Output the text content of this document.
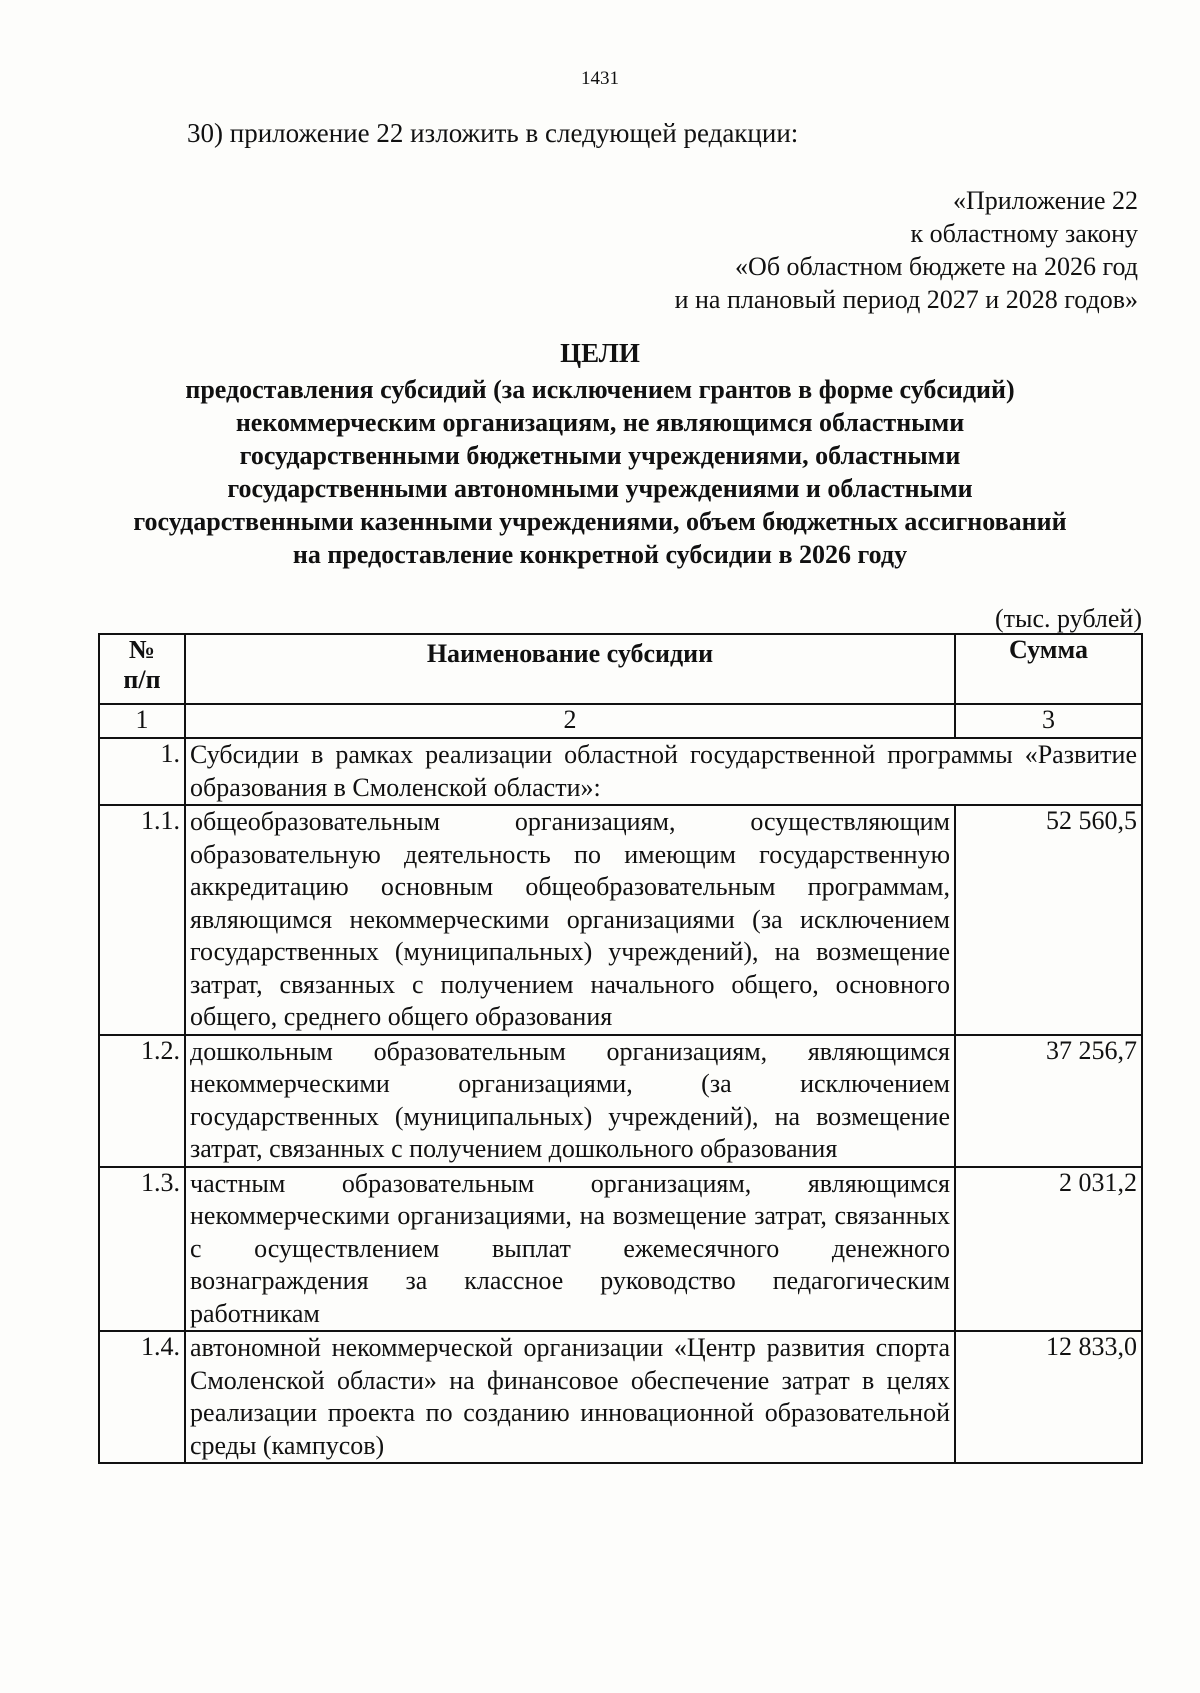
1431
30) приложение 22 изложить в следующей редакции:
«Приложение 22
к областному закону
«Об областном бюджете на 2026 год
и на плановый период 2027 и 2028 годов»
ЦЕЛИ
предоставления субсидий (за исключением грантов в форме субсидий)
некоммерческим организациям, не являющимся областными
государственными бюджетными учреждениями, областными
государственными автономными учреждениями и областными
государственными казенными учреждениями, объем бюджетных ассигнований
на предоставление конкретной субсидии в 2026 году
(тыс. рублей)
№
п/п	Наименование субсидии	Сумма
1	2	3
1.	Субсидии в рамках реализации областной государственной программы «Развитие образования в Смоленской области»:	
1.1.	общеобразовательным организациям, осуществляющим образовательную деятельность по имеющим государственную аккредитацию основным общеобразовательным программам, являющимся некоммерческими организациями (за исключением государственных (муниципальных) учреждений), на возмещение затрат, связанных с получением начального общего, основного общего, среднего общего образования	52 560,5
1.2.	дошкольным образовательным организациям, являющимся некоммерческими организациями, (за исключением государственных (муниципальных) учреждений), на возмещение затрат, связанных с получением дошкольного образования	37 256,7
1.3.	частным образовательным организациям, являющимся некоммерческими организациями, на возмещение затрат, связанных с осуществлением выплат ежемесячного денежного вознаграждения за классное руководство педагогическим работникам	2 031,2
1.4.	автономной некоммерческой организации «Центр развития спорта Смоленской области» на финансовое обеспечение затрат в целях реализации проекта по созданию инновационной образовательной среды (кампусов)	12 833,0
